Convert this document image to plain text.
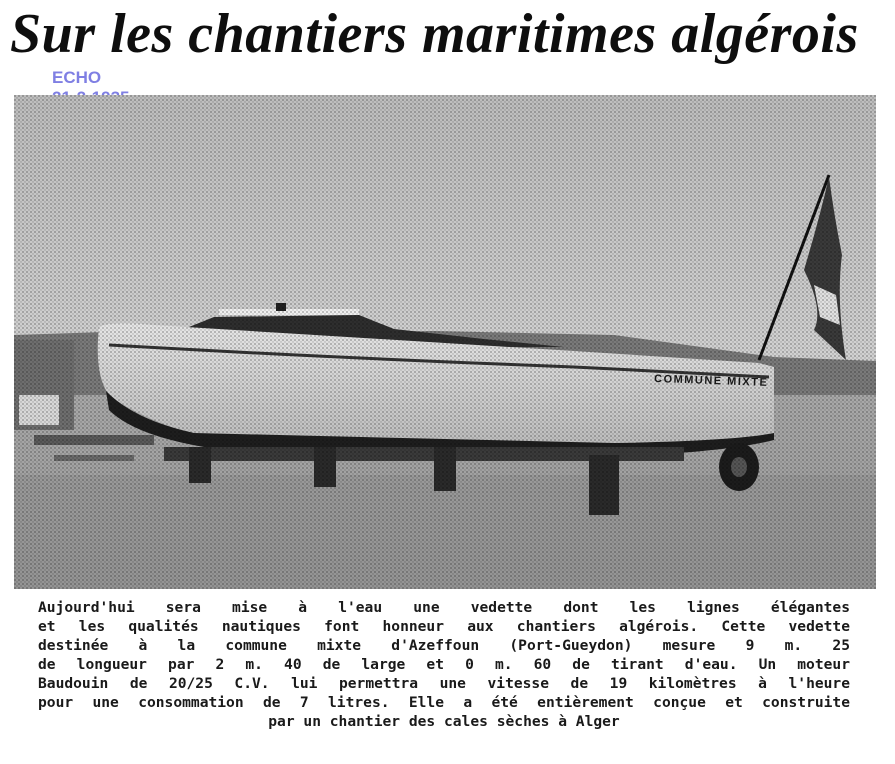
Sur les chantiers maritimes algérois
ECHO
Aujourd'hui sera mise à l'eau une vedette dont les lignes élégantes
et les qualités nautiques font honneur aux chantiers algérois. Cette vedette
destinée à la commune mixte d'Azeffoun (Port-Gueydon) mesure 9 m. 25
de longueur par 2 m. 40 de large et 0 m. 60 de tirant d'eau. Un moteur
Baudouin de 20/25 C.V. lui permettra une vitesse de 19 kilomètres à l'heure
pour une consommation de 7 litres. Elle a été entièrement conçue et construite
par un chantier des cales sèches à Alger
